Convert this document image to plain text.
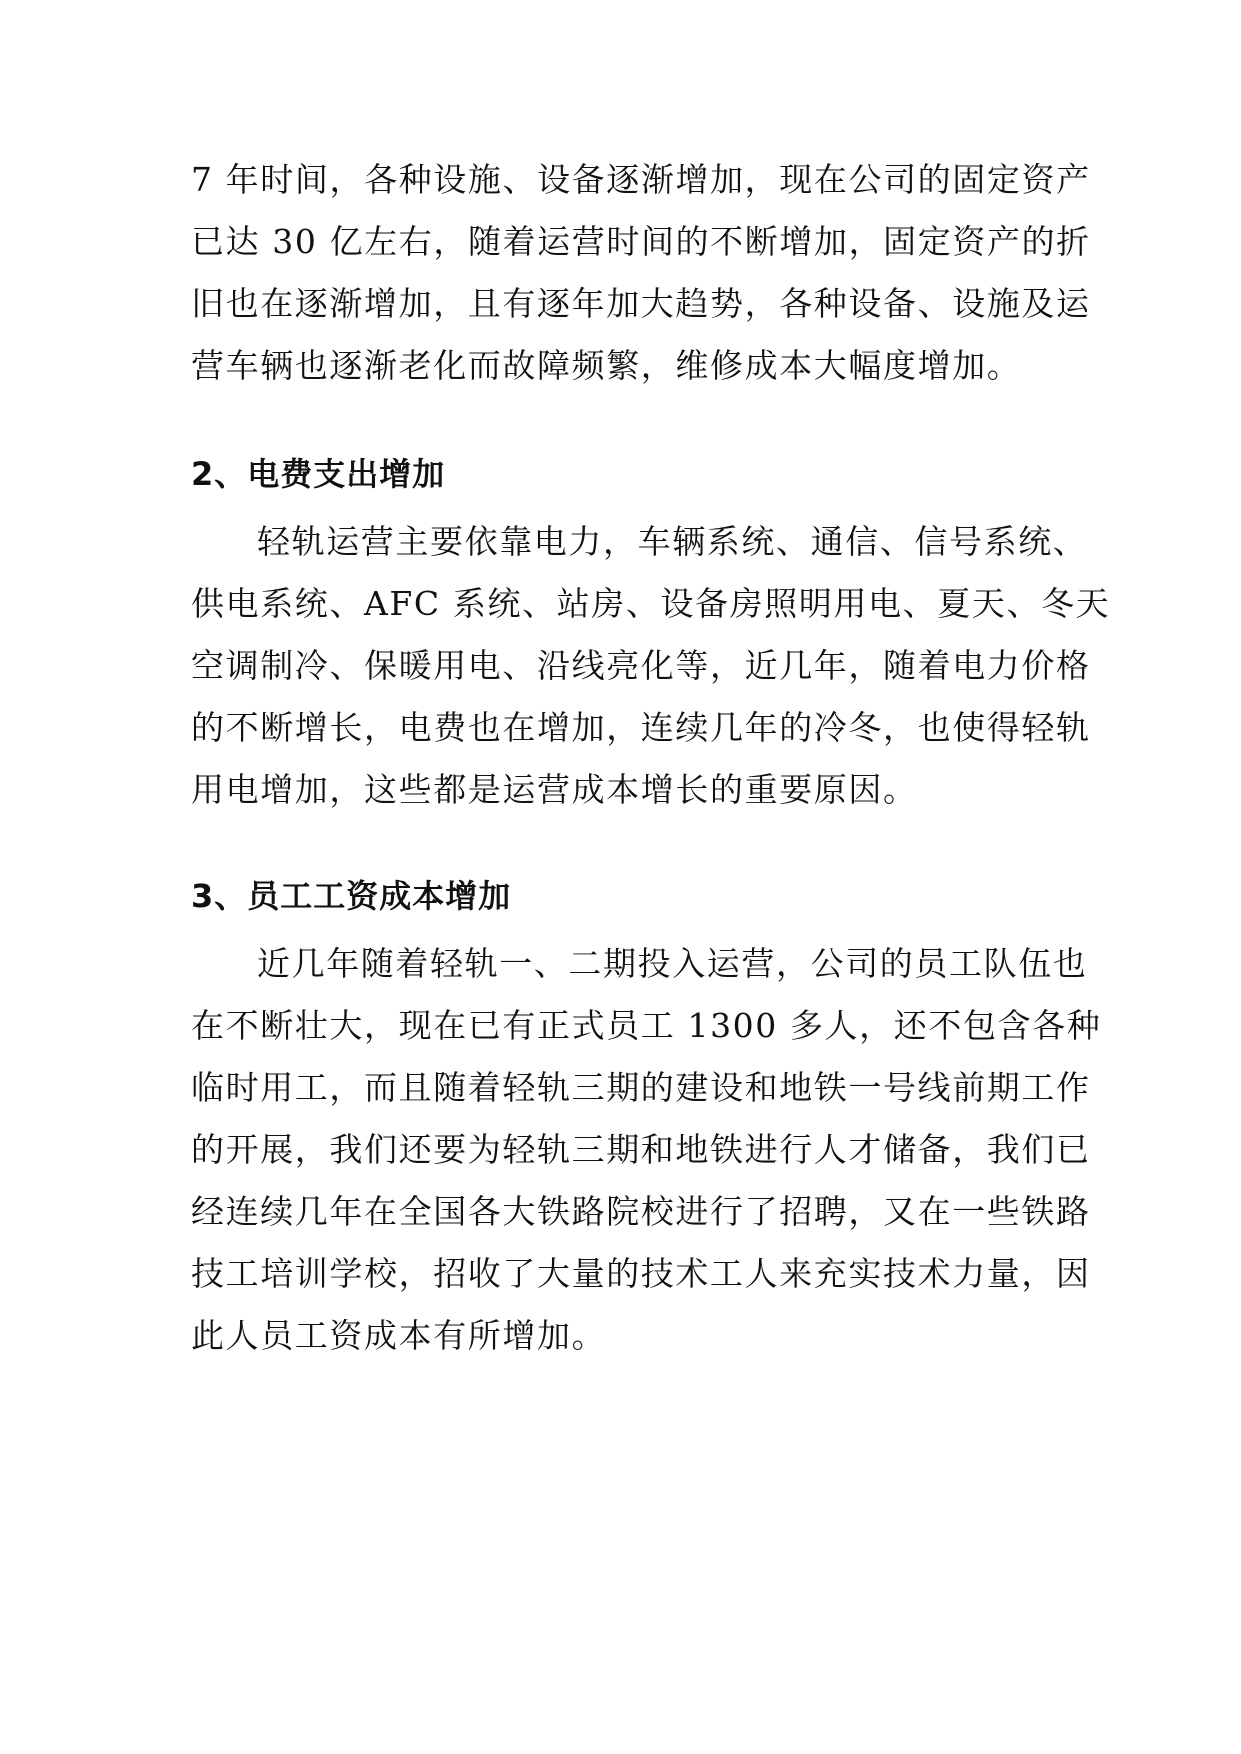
7 年时间，各种设施、设备逐渐增加，现在公司的固定资产
已达 30 亿左右，随着运营时间的不断增加，固定资产的折
旧也在逐渐增加，且有逐年加大趋势，各种设备、设施及运
营车辆也逐渐老化而故障频繁，维修成本大幅度增加。
2、电费支出增加
轻轨运营主要依靠电力，车辆系统、通信、信号系统、
供电系统、AFC 系统、站房、设备房照明用电、夏天、冬天
空调制冷、保暖用电、沿线亮化等，近几年，随着电力价格
的不断增长，电费也在增加，连续几年的冷冬，也使得轻轨
用电增加，这些都是运营成本增长的重要原因。
3、员工工资成本增加
近几年随着轻轨一、二期投入运营，公司的员工队伍也
在不断壮大，现在已有正式员工 1300 多人，还不包含各种
临时用工，而且随着轻轨三期的建设和地铁一号线前期工作
的开展，我们还要为轻轨三期和地铁进行人才储备，我们已
经连续几年在全国各大铁路院校进行了招聘，又在一些铁路
技工培训学校，招收了大量的技术工人来充实技术力量，因
此人员工资成本有所增加。
